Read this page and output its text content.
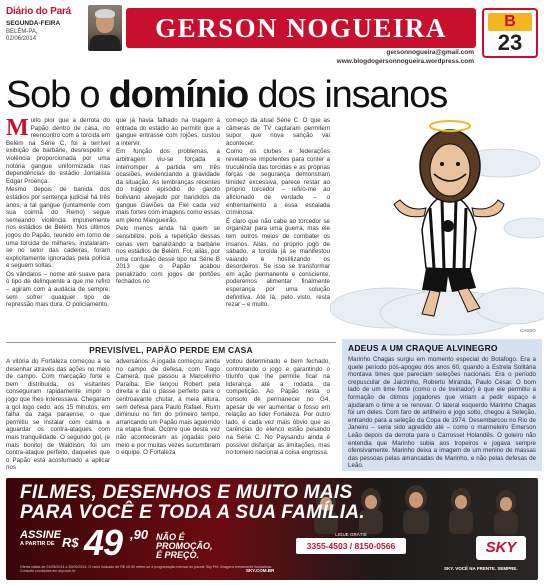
Diário do Pará
SEGUNDA-FEIRA
BELÉM-PA,
02/06/2014	GERSON NOGUEIRA
gersonnogueira@gmail.com
www.blogdogersonnogueira.wordpress.com
B
23
Sob o domínio dos insanos

Muito pior que a derrota do Papão dentro de casa, no reencontro com a torcida em Belém na Série C, foi a terrível exibição de barbárie, desrespeito e violência proporcionada por uma notória gangue uniformizada nas dependências do estádio Jornalista Edgar Proença.

Mesmo depois de banida dos estádios por sentença judicial há três anos, a tal gangue (juntamente com sua coirmã do Remo) segue semeando violência impunemente nos estádios de Belém. Nos últimos jogos do Papão, reunido em torno de uma torcida de milhares, instalaram-se no setor das cadeiras, foram explicitamente ignoradas pela polícia e seguem soltas.

Os vândalos – nome até suave para o tipo de delinquente a que me refiro – agiram com a audácia de sempre, sem sofrer qualquer tipo de repressão mais dura. O policiamento,

que já havia falhado na triagem à entrada do estádio ao permitir que a gangue entrasse com rojões, custou a intervir.

Em função dos problemas, a arbitragem viu-se forçada a interromper a partida em três ocasiões, evidenciando a gravidade da situação. As lembranças recentes do trágico episódio do garoto boliviano alvejado por bandidos da gangue Gaviões da Fiel cada vez mais fortes com imagens como essas em pleno Mangueirão.

Pelo menos ainda há quem se sensibilize, pois a repetição dessas cenas vem banalizando a barbárie nos estádios de Belém. Foi, aliás, por uma confusão desse tipo na Série B 2013 que o Papão acabou penalizado com jogos de portões fechados no

começo da atual Série C. O que as câmeras de TV captaram permitem supor que nova sanção vai acontecer.

Como os clubes e federações revelam-se impotentes para conter a truculência das torcidas e as próprias forças de segurança demonstram timidez excessiva, parece restar ao próprio torcedor – refiro-me ao aficionado de verdade – o enfrentamento a essa escalada criminosa.

É claro que não cabe ao torcedor se organizar para uma guerra, mas ele tem outros meios de combater os insanos. Aliás, no próprio jogo de sábado, a torcida já se manifestou vaiando e hostilizando os desordeiros. Se isso se transformar em ação permanente e consciente, poderemos alimentar finalmente esperança por uma solução definitiva. Até lá, pelo visto, resta rezar – e muito.

CASSO
PREVISÍVEL, PAPÃO PERDE EM CASA
A vitória do Fortaleza começou a se desenhar através das ações no meio de campo. Com marcação forte e bem distribuída, os visitantes conseguiram rapidamente impor o jogo que lhes interessava. Chegaram a gol logo cedo, aos 15 minutos, em falha da zaga paraense, o que permitiu se instalar com calma e aguardar os contra-ataques com mais tranquilidade. O segundo gol, (e mais bonito) de Waldison, foi um contra-ataque perfeito, daqueles que o Papão está acostumado a aplicar nos
adversários. A jogada começou ainda no campo de defesa, com Tiago Camerá, que passou a Marcelinho Paraíba. Ele lançou Robert pela direita e daí o passe perfeito para o centroavante chutar, à meia altura, sem defesa para Paulo Rafael. Ruim diminuiu no fim do primeiro tempo, arrancando um Papão mais aguerrido na etapa final. Ocorre que desta vez não aconteceram as jogadas pelo meio e por muitas vezes sucumbiram o equipe. O Fortaleza
voltou determinado e bem fechado, controlando o jogo e garantindo o triunfo que lhe permite ficar na liderança até a rodada da competição. Ao Papão resta o consolo de permanecer no G4, apesar de ver aumentar o fosso em relação ao líder Fortaleza. Por outro lado, é cada vez mais óbvio que as carências do elenco estão pesando na Série C. No Paysandu ainda é possível disfarçar as limitações, mas no torneio nacional a coisa engrossa.
ADEUS A UM CRAQUE ALVINEGRO
Marinho Chagas surgiu em momento especial do Botafogo. Era a quele período pós-apogeu dos anos 60, quando a Estrela Solitária montava times que pareciam seleções nacionais. Era o período crepuscular de Jairzinho, Roberto Miranda, Paulo César. O bom lado de um time forte (como o de treinador) é que ele permitiu a formação de ótimos jogadores que viriam a pedir espaço e ajudaram o time a se renovar. O lateral esquerdo Marinho Chagas foi um deles. Com faro de artilheiro e jogo solto, chegou à Seleção, entrando para a seleção da Copa de 1974. Desembarcou no Rio de Janeiro – seria sido agredido até – como o marmeleiro Emerson Leão depois da derrota para o Carrossel Holandês. O goleiro não entendia que Marinho subia aos tropeiros e jogava sempre ofensivamente. Marinho deixa a imagem de um menino de massas das pessoas pelas amancadas de Marinho, e não pelas defesas de Leão.
FILMES, DESENHOS E MUITO MAIS
PARA VOCÊ E TODA A SUA FAMÍLIA.
ASSINE
A PARTIR DE R$ 49 ,90 NÃO É PROMOÇÃO, É PREÇO.
LIGUE GRÁTIS
3355-4503 / 8150-0566	SKY
SKY. VOCÊ NA FRENTE. SEMPRE.
SKY.COM.BR
Oferta válida de 01/05/2014 a 30/09/2014. O valor indicado de R$ 49,90 refere-se à programação mensal do pacote Sky Pré. Imagens meramente ilustrativas. Consulte condições em sky.com.br
